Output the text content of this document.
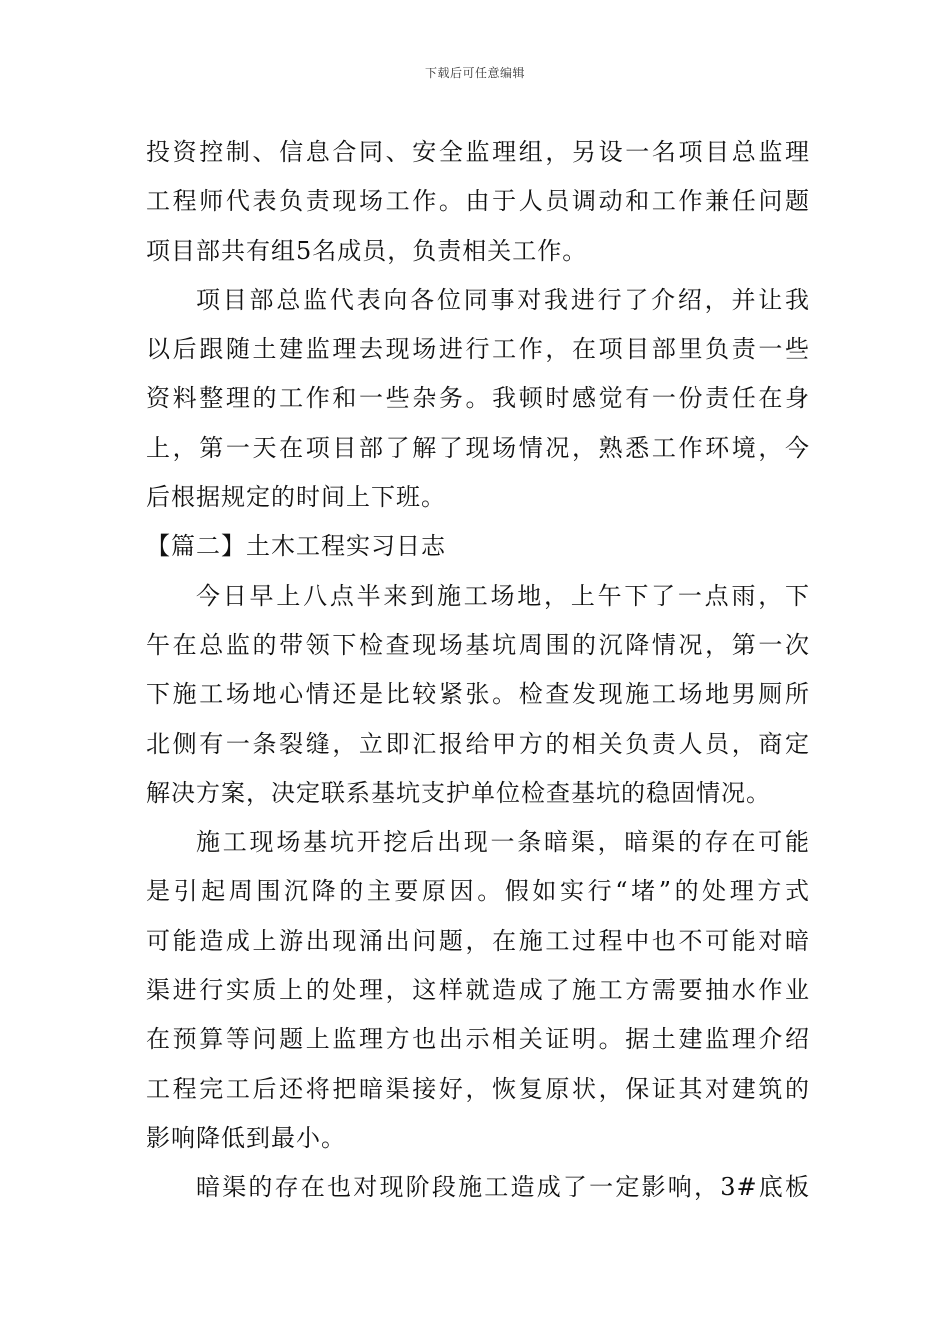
下载后可任意编辑
投资控制、信息合同、安全监理组，另设一名项目总监理
工程师代表负责现场工作。由于人员调动和工作兼任问题
项目部共有组5名成员，负责相关工作。
项目部总监代表向各位同事对我进行了介绍，并让我
以后跟随土建监理去现场进行工作，在项目部里负责一些
资料整理的工作和一些杂务。我顿时感觉有一份责任在身
上，第一天在项目部了解了现场情况，熟悉工作环境，今
后根据规定的时间上下班。
【篇二】土木工程实习日志
今日早上八点半来到施工场地，上午下了一点雨，下
午在总监的带领下检查现场基坑周围的沉降情况，第一次
下施工场地心情还是比较紧张。检查发现施工场地男厕所
北侧有一条裂缝，立即汇报给甲方的相关负责人员，商定
解决方案，决定联系基坑支护单位检查基坑的稳固情况。
施工现场基坑开挖后出现一条暗渠，暗渠的存在可能
是引起周围沉降的主要原因。假如实行“堵”的处理方式
可能造成上游出现涌出问题，在施工过程中也不可能对暗
渠进行实质上的处理，这样就造成了施工方需要抽水作业
在预算等问题上监理方也出示相关证明。据土建监理介绍
工程完工后还将把暗渠接好，恢复原状，保证其对建筑的
影响降低到最小。
暗渠的存在也对现阶段施工造成了一定影响，3#底板
